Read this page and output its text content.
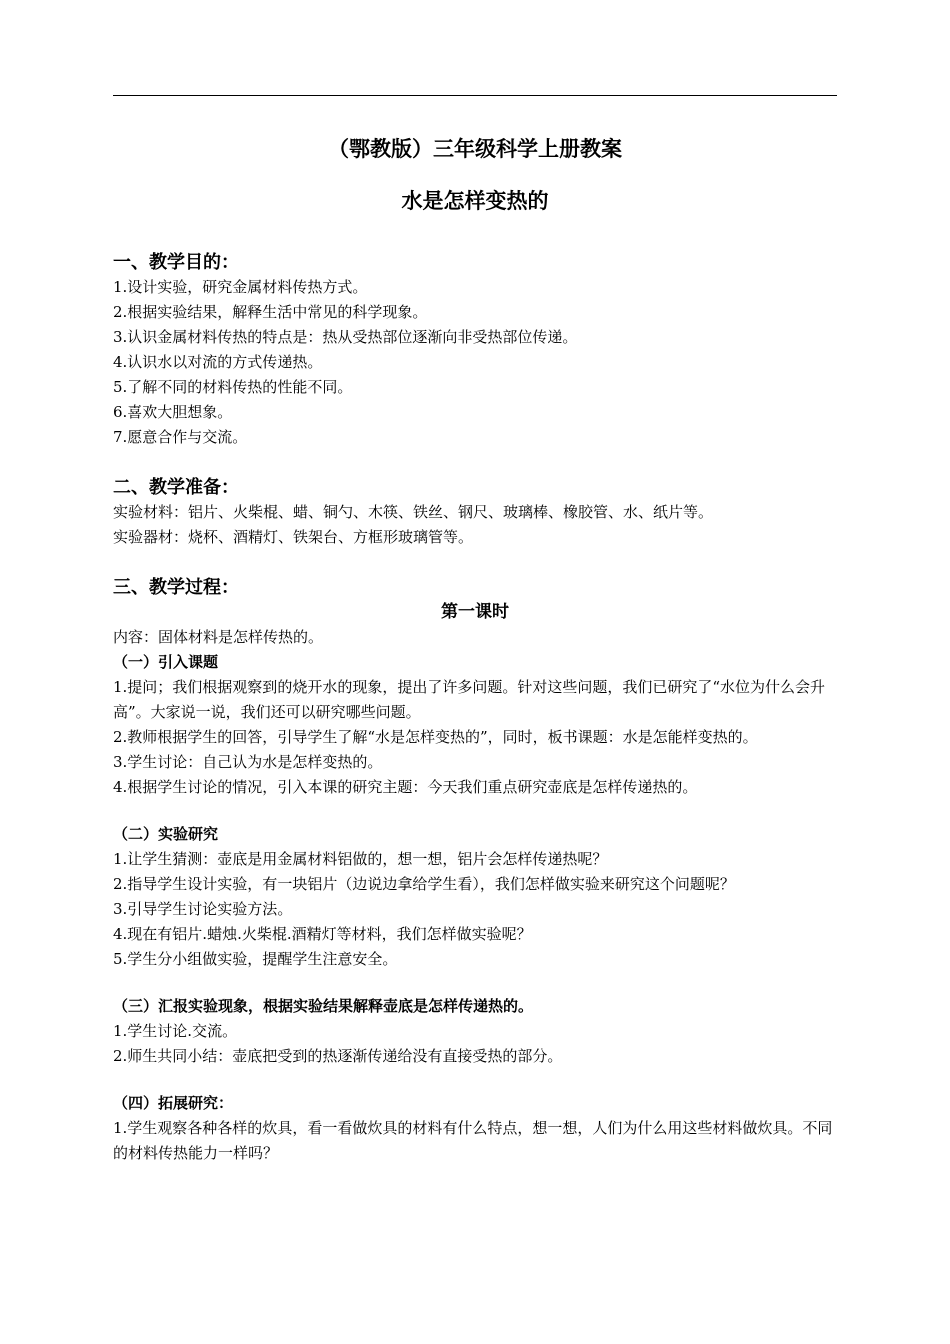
（鄂教版）三年级科学上册教案
水是怎样变热的
一、教学目的：
1.设计实验，研究金属材料传热方式。
2.根据实验结果，解释生活中常见的科学现象。
3.认识金属材料传热的特点是：热从受热部位逐渐向非受热部位传递。
4.认识水以对流的方式传递热。
5.了解不同的材料传热的性能不同。
6.喜欢大胆想象。
7.愿意合作与交流。
二、教学准备：
实验材料：铝片、火柴棍、蜡、铜勺、木筷、铁丝、钢尺、玻璃棒、橡胶管、水、纸片等。
实验器材：烧杯、酒精灯、铁架台、方框形玻璃管等。
三、教学过程：
第一课时
内容：固体材料是怎样传热的。
（一）引入课题
1.提问；我们根据观察到的烧开水的现象，提出了许多问题。针对这些问题，我们已研究了“水位为什么会升高”。大家说一说，我们还可以研究哪些问题。
2.教师根据学生的回答，引导学生了解“水是怎样变热的”，同时，板书课题：水是怎能样变热的。
3.学生讨论：自己认为水是怎样变热的。
4.根据学生讨论的情况，引入本课的研究主题：今天我们重点研究壶底是怎样传递热的。
（二）实验研究
1.让学生猜测：壶底是用金属材料铝做的，想一想，铝片会怎样传递热呢？
2.指导学生设计实验，有一块铝片（边说边拿给学生看），我们怎样做实验来研究这个问题呢？
3.引导学生讨论实验方法。
4.现在有铝片.蜡烛.火柴棍.酒精灯等材料，我们怎样做实验呢？
5.学生分小组做实验，提醒学生注意安全。
（三）汇报实验现象，根据实验结果解释壶底是怎样传递热的。
1.学生讨论.交流。
2.师生共同小结：壶底把受到的热逐渐传递给没有直接受热的部分。
（四）拓展研究：
1.学生观察各种各样的炊具，看一看做炊具的材料有什么特点，想一想，人们为什么用这些材料做炊具。不同的材料传热能力一样吗？
